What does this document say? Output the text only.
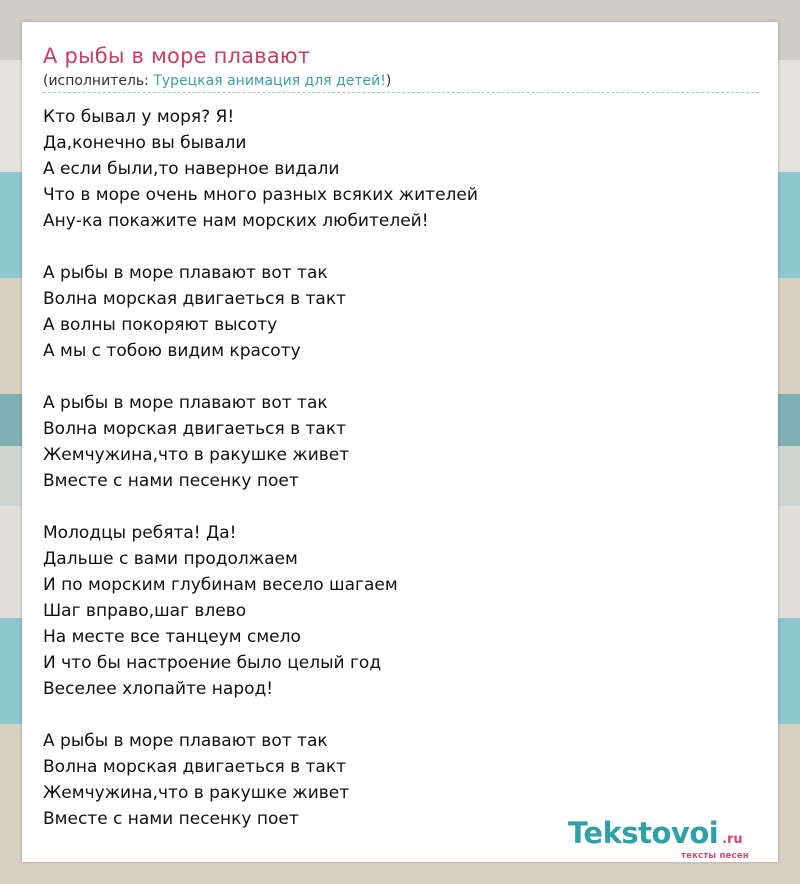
А рыбы в море плавают
(исполнитель: Турецкая анимация для детей!)
Кто бывал у моря? Я!
Да,конечно вы бывали
А если были,то наверное видали
Что в море очень много разных всяких жителей
Ану-ка покажите нам морских любителей!
А рыбы в море плавают вот так
Волна морская двигаеться в такт
А волны покоряют высоту
А мы с тобою видим красоту
А рыбы в море плавают вот так
Волна морская двигаеться в такт
Жемчужина,что в ракушке живет
Вместе с нами песенку поет
Молодцы ребята! Да!
Дальше с вами продолжаем
И по морским глубинам весело шагаем
Шаг вправо,шаг влево
На месте все танцеум смело
И что бы настроение было целый год
Веселее хлопайте народ!
А рыбы в море плавают вот так
Волна морская двигаеться в такт
Жемчужина,что в ракушке живет
Вместе с нами песенку поет	Tekstovoi .ru
тексты песен
